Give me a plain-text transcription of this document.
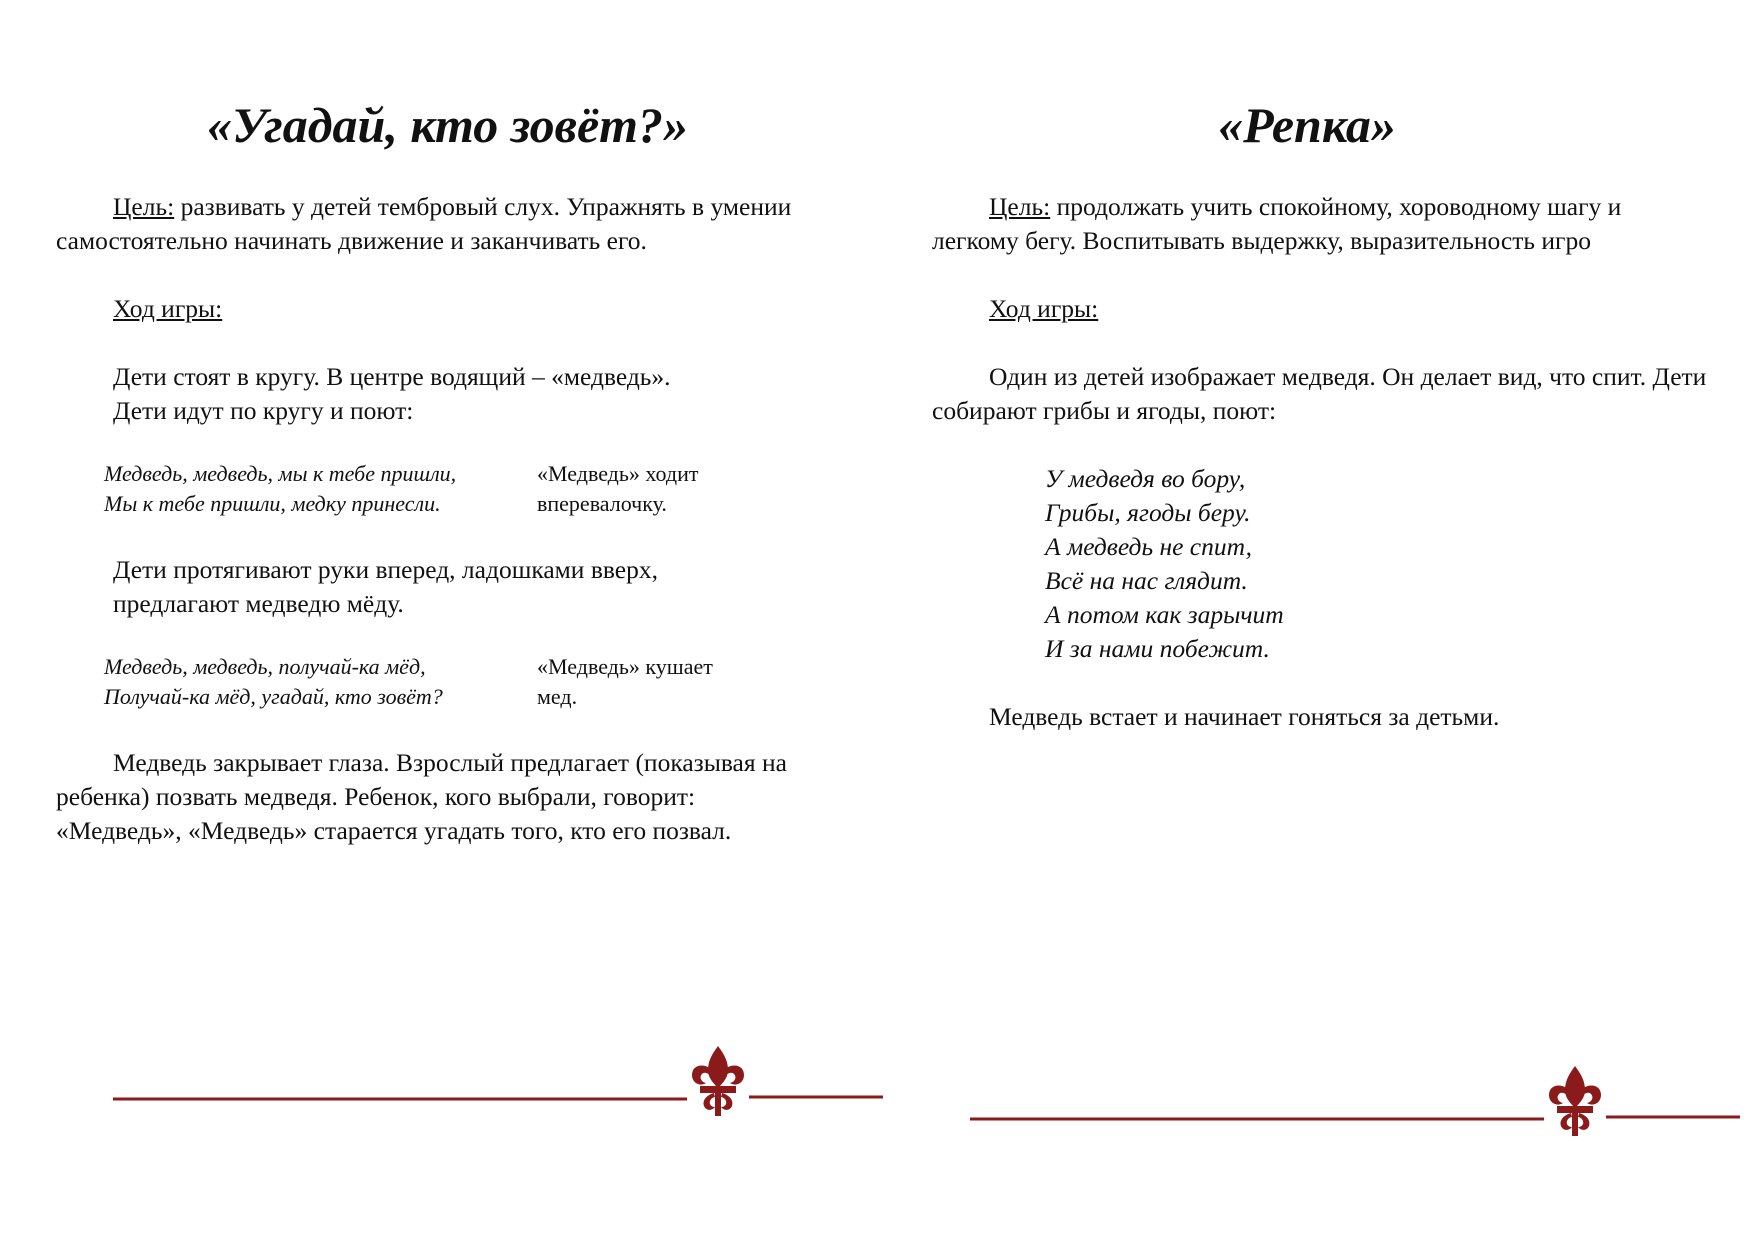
«Угадай, кто зовёт?»

Цель: развивать у детей тембровый слух. Упражнять в умении самостоятельно начинать движение и заканчивать его.

Ход игры:

Дети стоят в кругу. В центре водящий – «медведь».

Дети идут по кругу и поют:

Медведь, медведь, мы к тебе пришли,
Мы к тебе пришли, медку принесли.
«Медведь» ходит
вперевалочку.

Дети протягивают руки вперед, ладошками вверх,

предлагают медведю мёду.

Медведь, медведь, получай-ка мёд,
Получай-ка мёд, угадай, кто зовёт?
«Медведь» кушает
мед.

Медведь закрывает глаза. Взрослый предлагает (показывая на ребенка) позвать медведя. Ребенок, кого выбрали, говорит: «Медведь», «Медведь» старается угадать того, кто его позвал.

«Репка»

Цель: продолжать учить спокойному, хороводному шагу и легкому бегу. Воспитывать выдержку, выразительность игро

Ход игры:

Один из детей изображает медведя. Он делает вид, что спит. Дети собирают грибы и ягоды, поют:

У медведя во бору,
Грибы, ягоды беру.
А медведь не спит,
Всё на нас глядит.
А потом как зарычит
И за нами побежит.

Медведь встает и начинает гоняться за детьми.
